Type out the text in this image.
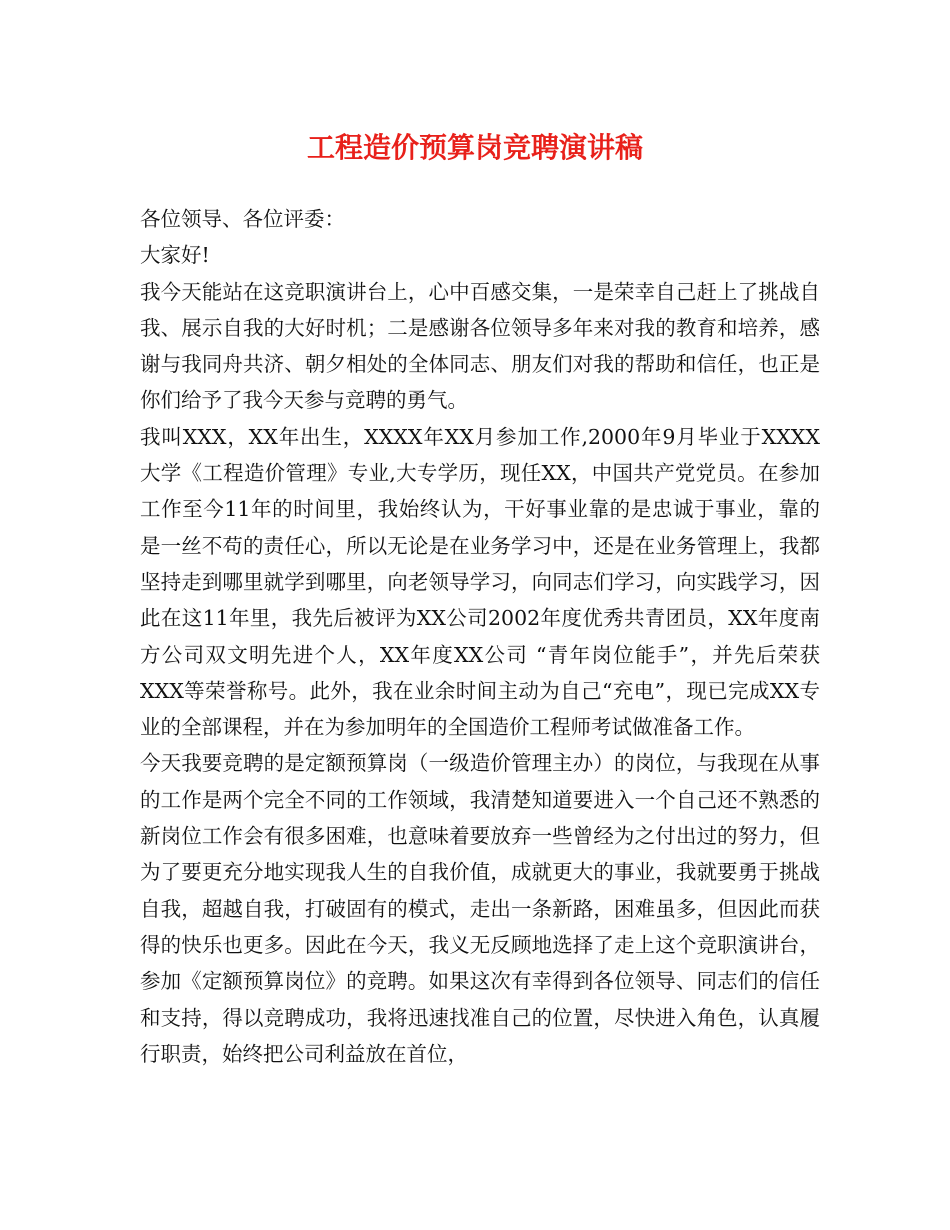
工程造价预算岗竞聘演讲稿

各位领导、各位评委：

大家好!

我今天能站在这竞职演讲台上，心中百感交集，一是荣幸自己赶上了挑战自我、展示自我的大好时机；二是感谢各位领导多年来对我的教育和培养，感谢与我同舟共济、朝夕相处的全体同志、朋友们对我的帮助和信任，也正是你们给予了我今天参与竞聘的勇气。

我叫XXX，XX年出生，XXXX年XX月参加工作,2000年9月毕业于XXXX大学《工程造价管理》专业,大专学历，现任XX，中国共产党党员。在参加工作至今11年的时间里，我始终认为，干好事业靠的是忠诚于事业，靠的是一丝不苟的责任心，所以无论是在业务学习中，还是在业务管理上，我都坚持走到哪里就学到哪里，向老领导学习，向同志们学习，向实践学习，因此在这11年里，我先后被评为XX公司2002年度优秀共青团员，XX年度南方公司双文明先进个人，XX年度XX公司 “青年岗位能手”，并先后荣获XXX等荣誉称号。此外，我在业余时间主动为自己“充电”，现已完成XX专业的全部课程，并在为参加明年的全国造价工程师考试做准备工作。

今天我要竞聘的是定额预算岗（一级造价管理主办）的岗位，与我现在从事的工作是两个完全不同的工作领域，我清楚知道要进入一个自己还不熟悉的新岗位工作会有很多困难，也意味着要放弃一些曾经为之付出过的努力，但为了要更充分地实现我人生的自我价值，成就更大的事业，我就要勇于挑战自我，超越自我，打破固有的模式，走出一条新路，困难虽多，但因此而获得的快乐也更多。因此在今天，我义无反顾地选择了走上这个竞职演讲台，参加《定额预算岗位》的竞聘。如果这次有幸得到各位领导、同志们的信任和支持，得以竞聘成功，我将迅速找准自己的位置，尽快进入角色，认真履行职责，始终把公司利益放在首位，
